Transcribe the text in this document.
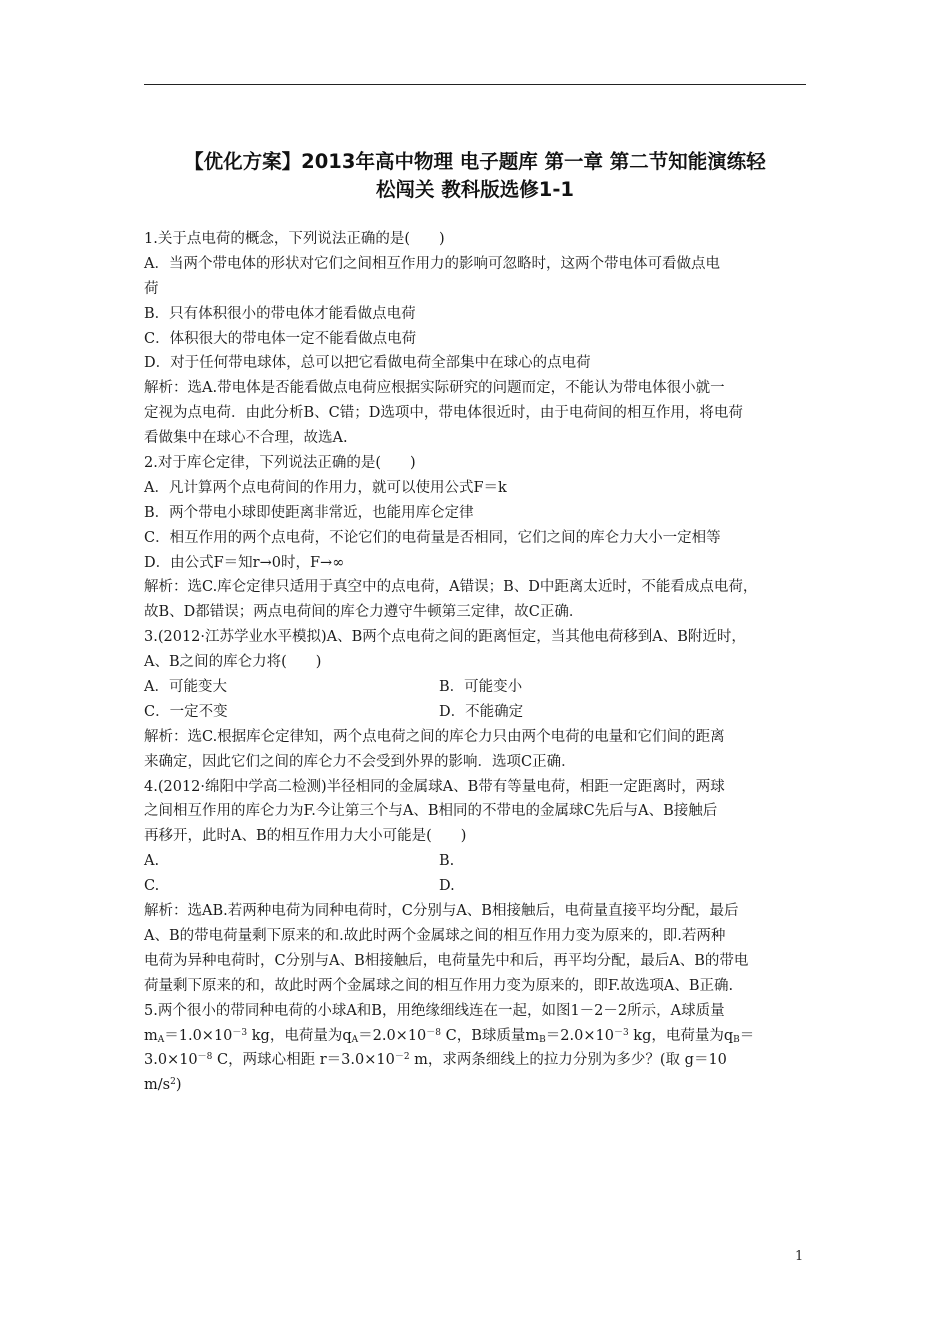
【优化方案】2013年高中物理 电子题库 第一章 第二节知能演练轻
松闯关 教科版选修1-1
1.关于点电荷的概念，下列说法正确的是(　　)
A．当两个带电体的形状对它们之间相互作用力的影响可忽略时，这两个带电体可看做点电
荷
B．只有体积很小的带电体才能看做点电荷
C．体积很大的带电体一定不能看做点电荷
D．对于任何带电球体，总可以把它看做电荷全部集中在球心的点电荷
解析：选A.带电体是否能看做点电荷应根据实际研究的问题而定，不能认为带电体很小就一
定视为点电荷．由此分析B、C错；D选项中，带电体很近时，由于电荷间的相互作用，将电荷
看做集中在球心不合理，故选A.
2.对于库仑定律，下列说法正确的是(　　)
A．凡计算两个点电荷间的作用力，就可以使用公式F＝k
B．两个带电小球即使距离非常近，也能用库仑定律
C．相互作用的两个点电荷，不论它们的电荷量是否相同，它们之间的库仑力大小一定相等
D．由公式F＝知r→0时，F→∞
解析：选C.库仑定律只适用于真空中的点电荷，A错误；B、D中距离太近时，不能看成点电荷，
故B、D都错误；两点电荷间的库仑力遵守牛顿第三定律，故C正确．
3.(2012·江苏学业水平模拟)A、B两个点电荷之间的距离恒定，当其他电荷移到A、B附近时，
A、B之间的库仑力将(　　)
A．可能变大	B．可能变小
C．一定不变	D．不能确定
解析：选C.根据库仑定律知，两个点电荷之间的库仑力只由两个电荷的电量和它们间的距离
来确定，因此它们之间的库仑力不会受到外界的影响．选项C正确．
4.(2012·绵阳中学高二检测)半径相同的金属球A、B带有等量电荷，相距一定距离时，两球
之间相互作用的库仑力为F.今让第三个与A、B相同的不带电的金属球C先后与A、B接触后
再移开，此时A、B的相互作用力大小可能是(　　)
A.	B.
C.	D.
解析：选AB.若两种电荷为同种电荷时，C分别与A、B相接触后，电荷量直接平均分配，最后
A、B的带电荷量剩下原来的和.故此时两个金属球之间的相互作用力变为原来的，即.若两种
电荷为异种电荷时，C分别与A、B相接触后，电荷量先中和后，再平均分配，最后A、B的带电
荷量剩下原来的和，故此时两个金属球之间的相互作用力变为原来的，即F.故选项A、B正确.
5.两个很小的带同种电荷的小球A和B，用绝缘细线连在一起，如图1－2－2所示，A球质量
$m_A=1.0\times 10^{-3}$ kg，电荷量为$q_A=2.0\times 10^{-8}$ C，B球质量$m_B=2.0\times 10^{-3}$ kg，电荷量为$q_B=$
$3.0\times 10^{-8}$ C，两球心相距 $r=3.0\times 10^{-2}$ m，求两条细线上的拉力分别为多少？(取 g＝10
$m/s^2$)
1
